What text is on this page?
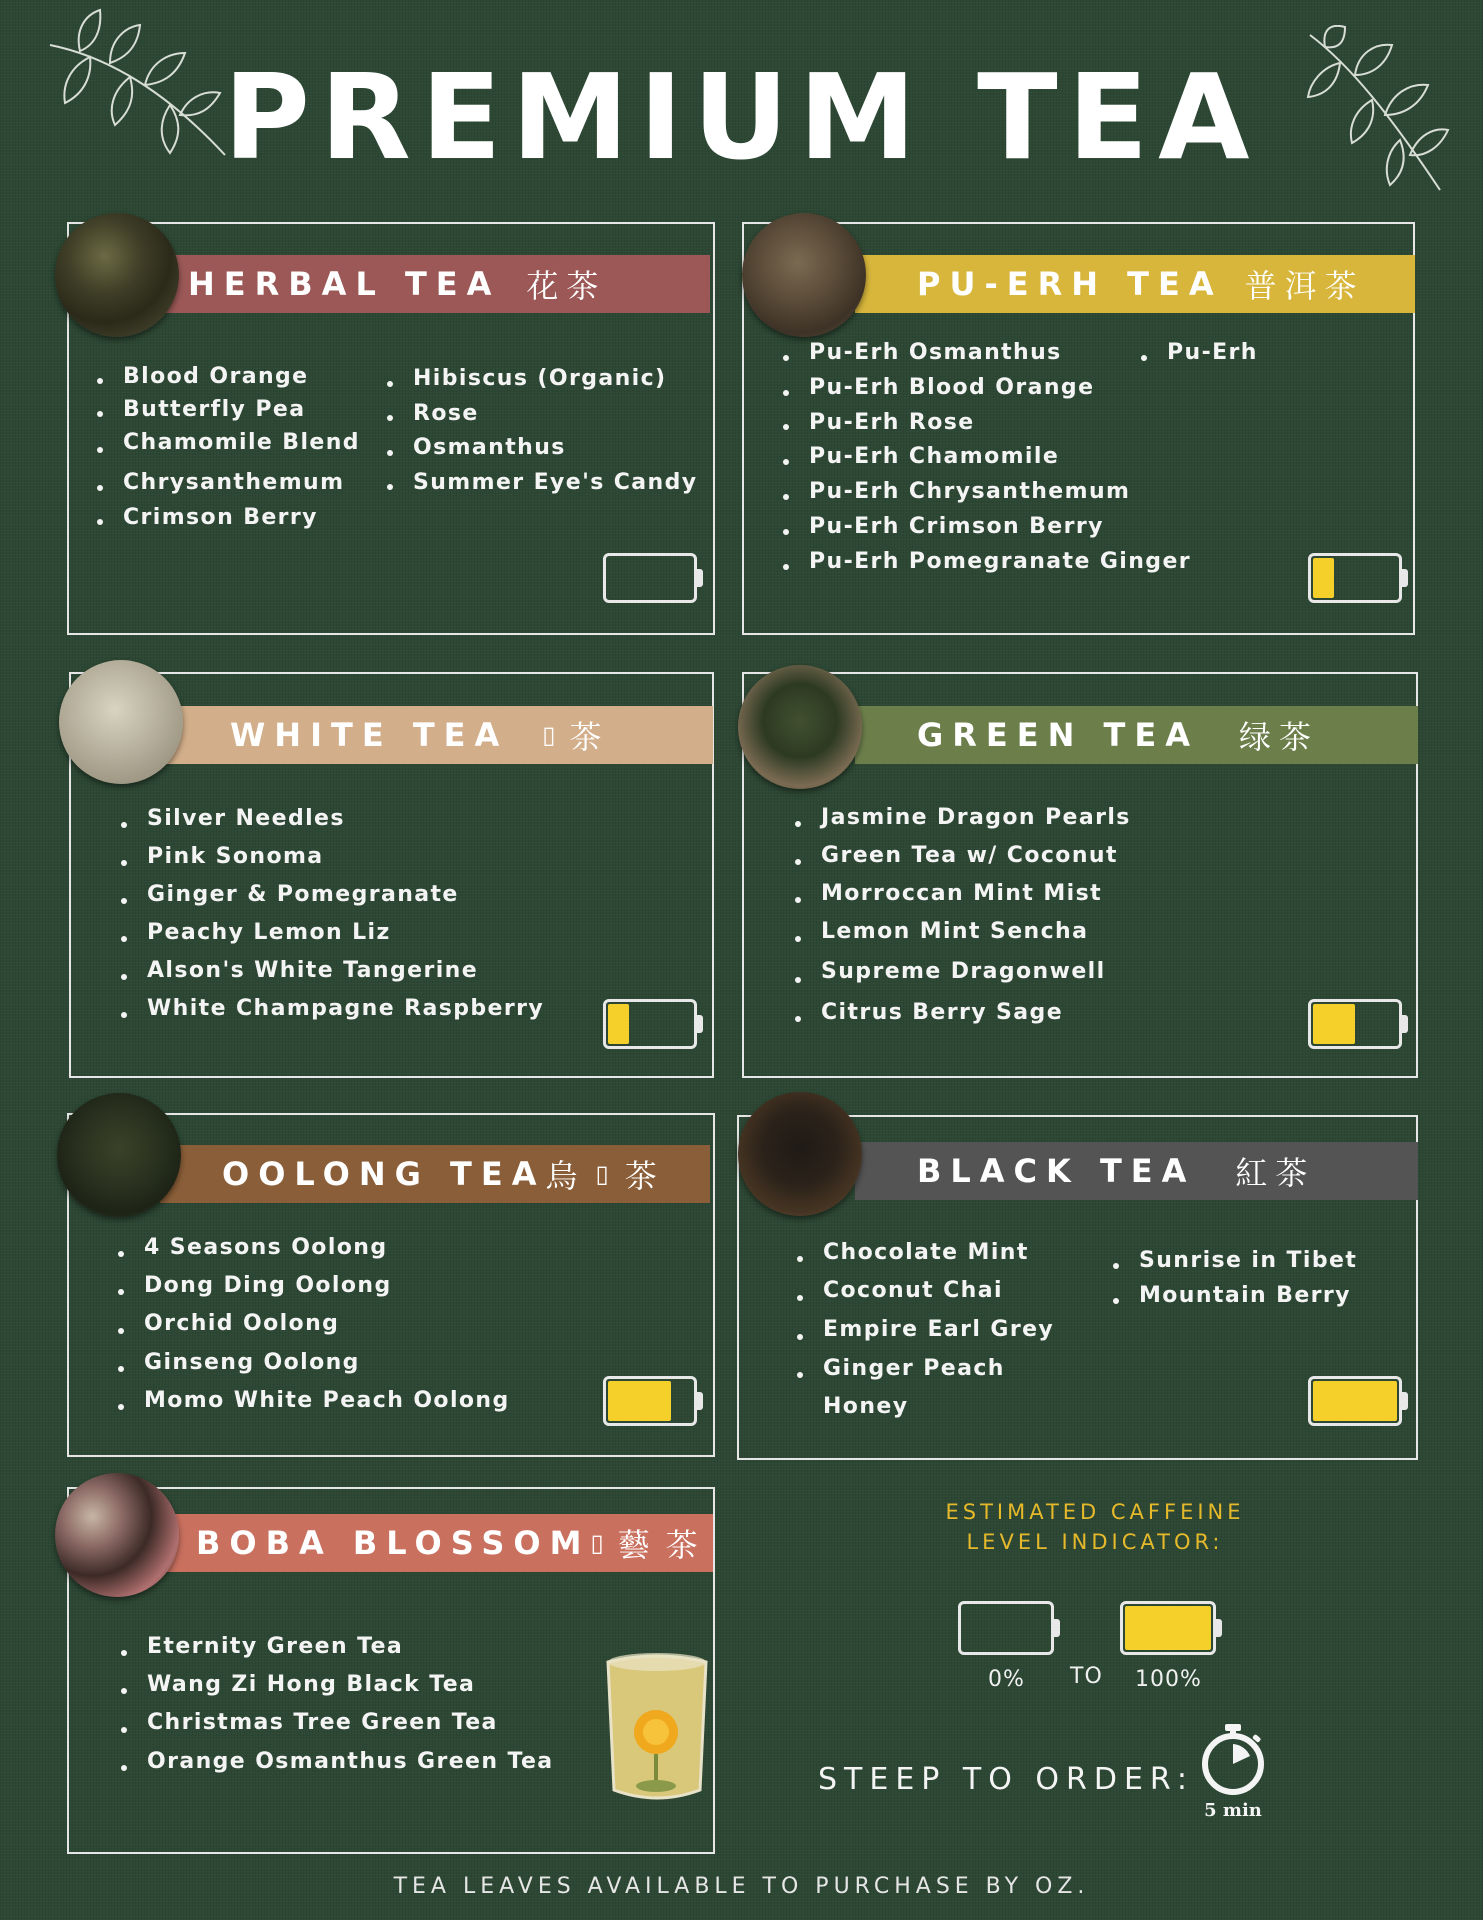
PREMIUM TEA
HERBAL TEA 花茶
Blood Orange
Butterfly Pea
Chamomile Blend
Chrysanthemum
Crimson Berry
Hibiscus (Organic)
Rose
Osmanthus
Summer Eye's Candy
PU-ERH TEA 普洱茶
Pu-Erh Osmanthus
Pu-Erh Blood Orange
Pu-Erh Rose
Pu-Erh Chamomile
Pu-Erh Chrysanthemum
Pu-Erh Crimson Berry
Pu-Erh Pomegranate Ginger
Pu-Erh
WHITE TEA ▯ 茶
Silver Needles
Pink Sonoma
Ginger & Pomegranate
Peachy Lemon Liz
Alson's White Tangerine
White Champagne Raspberry
GREEN TEA 绿茶
Jasmine Dragon Pearls
Green Tea w/ Coconut
Morroccan Mint Mist
Lemon Mint Sencha
Supreme Dragonwell
Citrus Berry Sage
OOLONG TEA 烏 ▯ 茶
4 Seasons Oolong
Dong Ding Oolong
Orchid Oolong
Ginseng Oolong
Momo White Peach Oolong
BLACK TEA 紅茶
Chocolate Mint
Coconut Chai
Empire Earl Grey
Ginger Peach
Honey
Sunrise in Tibet
Mountain Berry
BOBA BLOSSOM ▯ 藝 茶
Eternity Green Tea
Wang Zi Hong Black Tea
Christmas Tree Green Tea
Orange Osmanthus Green Tea
ESTIMATED CAFFEINE
LEVEL INDICATOR:
0% TO 100%
STEEP TO ORDER:
5 min
TEA LEAVES AVAILABLE TO PURCHASE BY OZ.
